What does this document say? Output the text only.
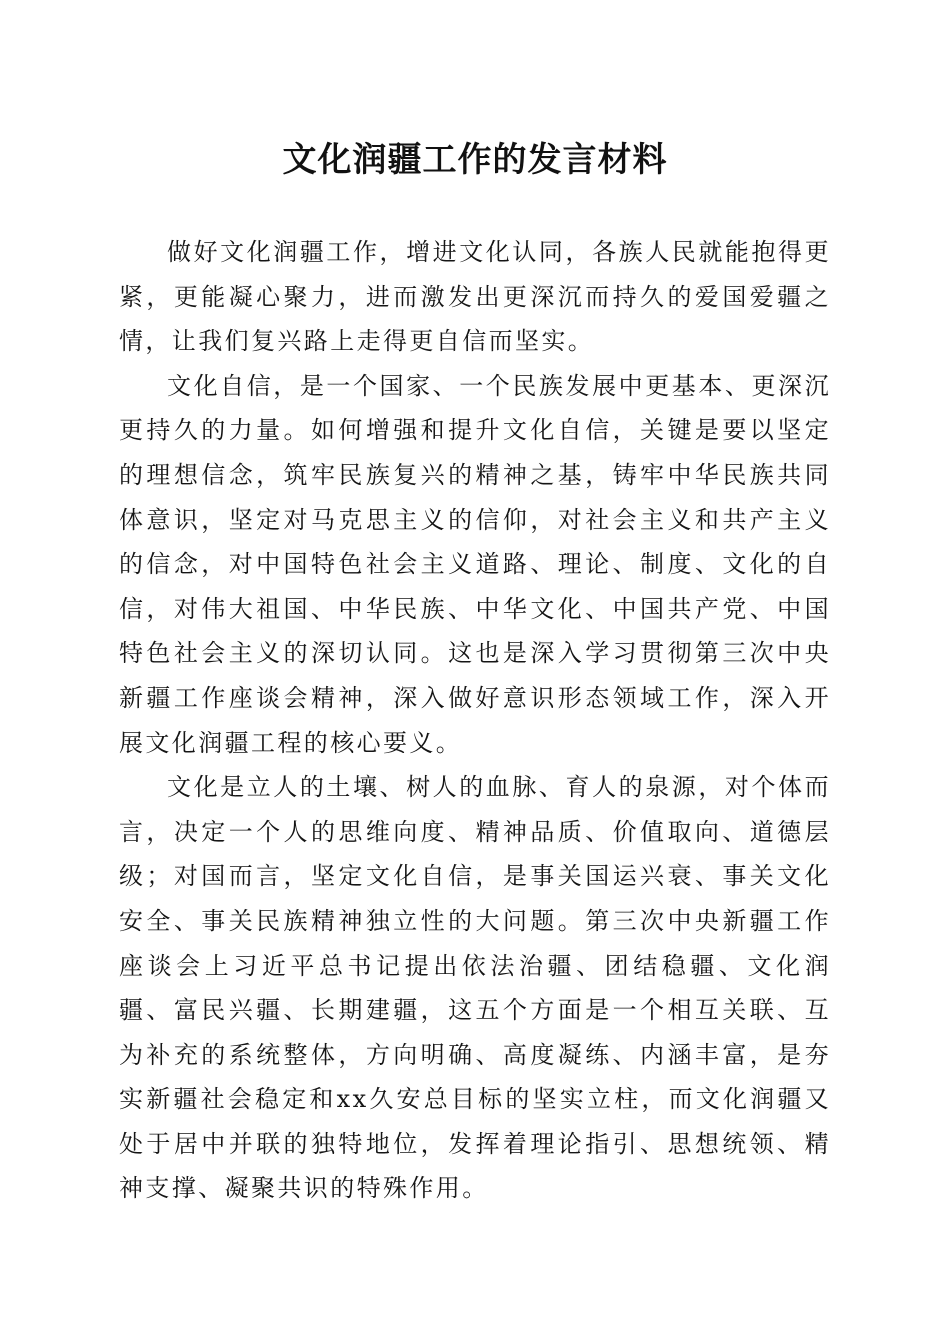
文化润疆工作的发言材料

做好文化润疆工作，增进文化认同，各族人民就能抱得更紧，更能凝心聚力，进而激发出更深沉而持久的爱国爱疆之情，让我们复兴路上走得更自信而坚实。

文化自信，是一个国家、一个民族发展中更基本、更深沉更持久的力量。如何增强和提升文化自信，关键是要以坚定的理想信念，筑牢民族复兴的精神之基，铸牢中华民族共同体意识，坚定对马克思主义的信仰，对社会主义和共产主义的信念，对中国特色社会主义道路、理论、制度、文化的自信，对伟大祖国、中华民族、中华文化、中国共产党、中国特色社会主义的深切认同。这也是深入学习贯彻第三次中央新疆工作座谈会精神，深入做好意识形态领域工作，深入开展文化润疆工程的核心要义。

文化是立人的土壤、树人的血脉、育人的泉源，对个体而言，决定一个人的思维向度、精神品质、价值取向、道德层级；对国而言，坚定文化自信，是事关国运兴衰、事关文化安全、事关民族精神独立性的大问题。第三次中央新疆工作座谈会上习近平总书记提出依法治疆、团结稳疆、文化润疆、富民兴疆、长期建疆，这五个方面是一个相互关联、互为补充的系统整体，方向明确、高度凝练、内涵丰富，是夯实新疆社会稳定和xx久安总目标的坚实立柱，而文化润疆又处于居中并联的独特地位，发挥着理论指引、思想统领、精神支撑、凝聚共识的特殊作用。
